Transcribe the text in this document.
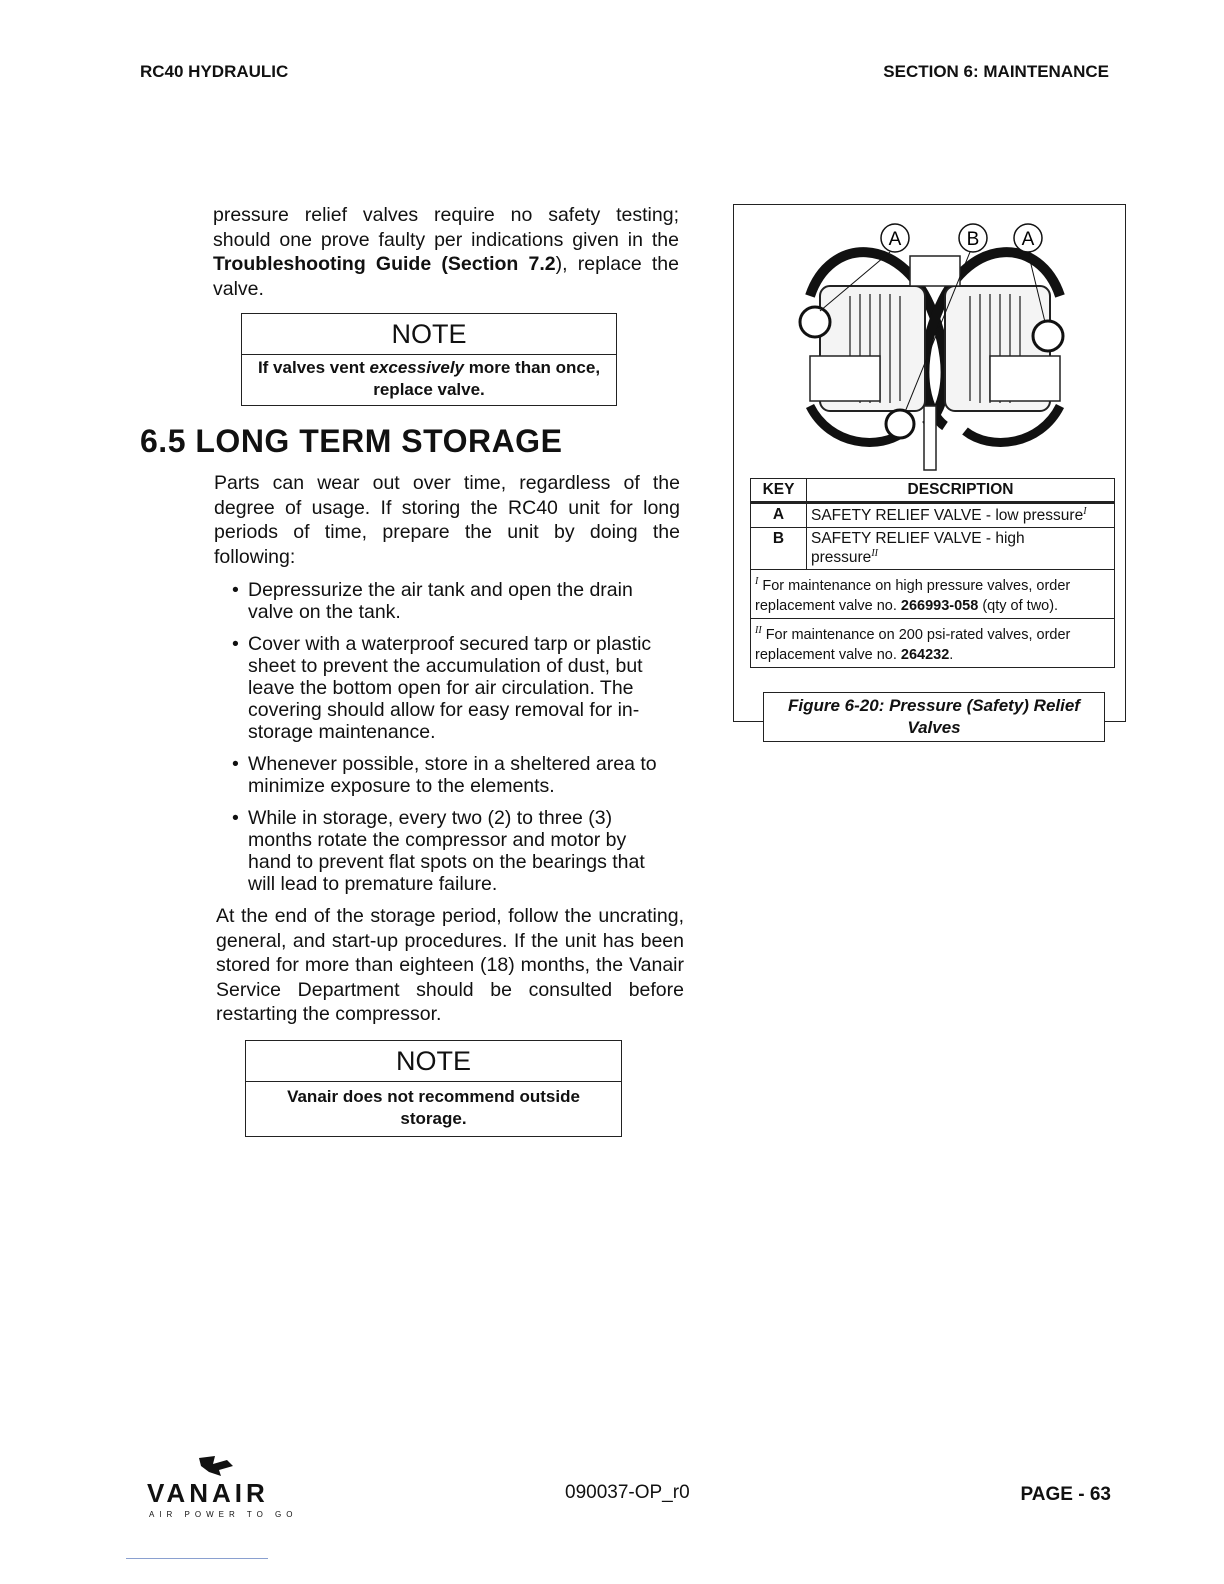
RC40 HYDRAULIC	SECTION 6: MAINTENANCE
pressure relief valves require no safety testing; should one prove faulty per indications given in the Troubleshooting Guide (Section 7.2), replace the valve.
NOTE
If valves vent excessively more than once, replace valve.
6.5 LONG TERM STORAGE
Parts can wear out over time, regardless of the degree of usage. If storing the RC40 unit for long periods of time, prepare the unit by doing the following:
• Depressurize the air tank and open the drain valve on the tank.
• Cover with a waterproof secured tarp or plastic sheet to prevent the accumulation of dust, but leave the bottom open for air circulation. The covering should allow for easy removal for in-storage maintenance.
• Whenever possible, store in a sheltered area to minimize exposure to the elements.
• While in storage, every two (2) to three (3) months rotate the compressor and motor by hand to prevent flat spots on the bearings that will lead to premature failure.
At the end of the storage period, follow the uncrating, general, and start-up procedures. If the unit has been stored for more than eighteen (18) months, the Vanair Service Department should be consulted before restarting the compressor.
NOTE
Vanair does not recommend outside storage.
A	B A
KEY	DESCRIPTION
A	SAFETY RELIEF VALVE - low pressure$^I$
B	SAFETY RELIEF VALVE - high pressure$^{II}$
$^I$ For maintenance on high pressure valves, order replacement valve no. 266993-058 (qty of two).	
$^{II}$ For maintenance on 200 psi-rated valves, order replacement valve no. 264232.	
Figure 6-20: Pressure (Safety) Relief Valves
VANAIR
AIR POWER TO GO
090037-OP_r0	PAGE - 63
